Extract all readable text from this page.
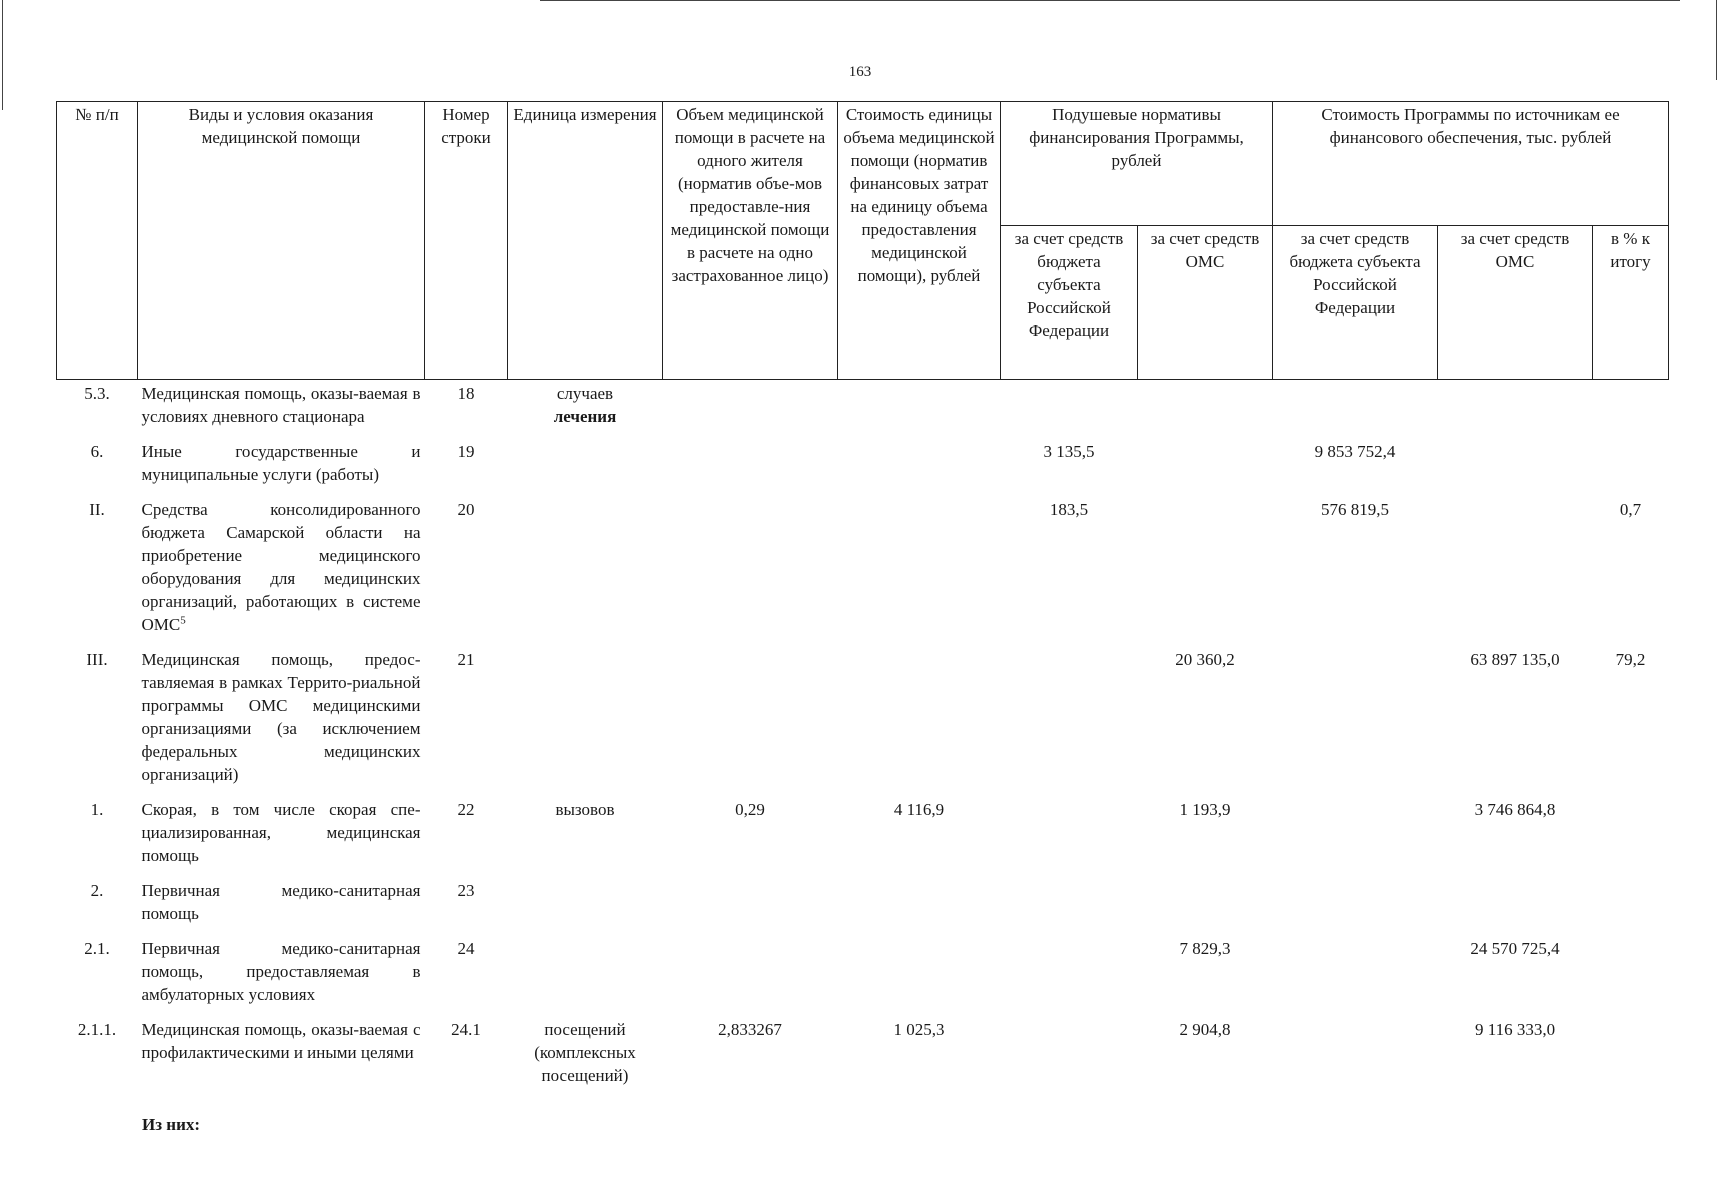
163
№ п/п	Виды и условия оказания медицинской помощи	Номер строки	Единица измерения	Объем медицинской помощи в расчете на одного жителя (норматив объе-мов предоставле-ния медицинской помощи в расчете на одно застрахованное лицо)	Стоимость единицы объема медицинской помощи (норматив финансовых затрат на единицу объема предоставления медицинской помощи), рублей	Подушевые нормативы финансирования Программы, рублей		Стоимость Программы по источникам ее финансового обеспечения, тыс. рублей		
						за счет средств бюджета субъекта Российской Федерации	за счет средств ОМС	за счет средств бюджета субъекта Российской Федерации	за счет средств ОМС	в % к итогу
5.3.	Медицинская помощь, оказы-ваемая в условиях дневного стационара	18	случаев
лечения							

6.	Иные государственные и муниципальные услуги (работы)	19				3 135,5		9 853 752,4		
II.	Средства консолидированного бюджета Самарской области на приобретение медицинского оборудования для медицинских организаций, работающих в системе ОМС$^5$	20				183,5		576 819,5		0,7
III.	Медицинская помощь, предос-тавляемая в рамках Террито-риальной программы ОМС медицинскими организациями (за исключением федеральных медицинских организаций)	21					20 360,2		63 897 135,0	79,2
1.	Скорая, в том числе скорая спе-циализированная, медицинская помощь	22	вызовов	0,29	4 116,9		1 193,9		3 746 864,8	
2.	Первичная медико-санитарная помощь	23	

2.1.	Первичная медико-санитарная помощь, предоставляемая в амбулаторных условиях	24					7 829,3		24 570 725,4	
2.1.1.	Медицинская помощь, оказы-ваемая с профилактическими и иными целями	24.1	посещений (комплексных посещений)	2,833267	1 025,3		2 904,8		9 116 333,0	
Из них:
